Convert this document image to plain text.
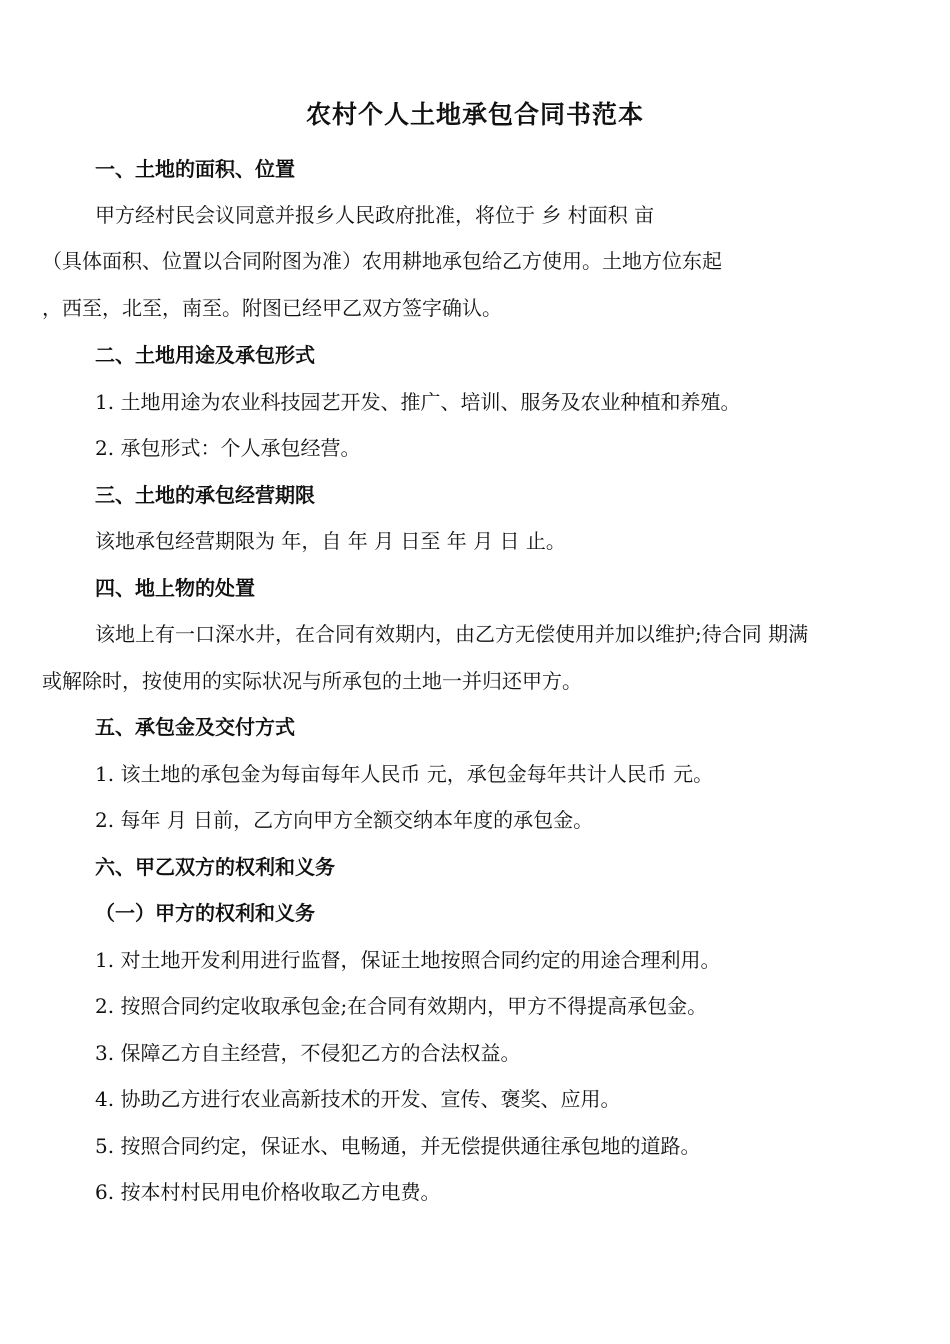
农村个人土地承包合同书范本
一、土地的面积、位置
甲方经村民会议同意并报乡人民政府批准，将位于 乡 村面积 亩
（具体面积、位置以合同附图为准）农用耕地承包给乙方使用。土地方位东起
，西至，北至，南至。附图已经甲乙双方签字确认。
二、土地用途及承包形式
1. 土地用途为农业科技园艺开发、推广、培训、服务及农业种植和养殖。
2. 承包形式：个人承包经营。
三、土地的承包经营期限
该地承包经营期限为 年，自 年 月 日至 年 月 日 止。
四、地上物的处置
该地上有一口深水井，在合同有效期内，由乙方无偿使用并加以维护;待合同 期满
或解除时，按使用的实际状况与所承包的土地一并归还甲方。
五、承包金及交付方式
1. 该土地的承包金为每亩每年人民币 元，承包金每年共计人民币 元。
2. 每年 月 日前，乙方向甲方全额交纳本年度的承包金。
六、甲乙双方的权利和义务
（一）甲方的权利和义务
1. 对土地开发利用进行监督，保证土地按照合同约定的用途合理利用。
2. 按照合同约定收取承包金;在合同有效期内，甲方不得提高承包金。
3. 保障乙方自主经营，不侵犯乙方的合法权益。
4. 协助乙方进行农业高新技术的开发、宣传、褒奖、应用。
5. 按照合同约定，保证水、电畅通，并无偿提供通往承包地的道路。
6. 按本村村民用电价格收取乙方电费。
